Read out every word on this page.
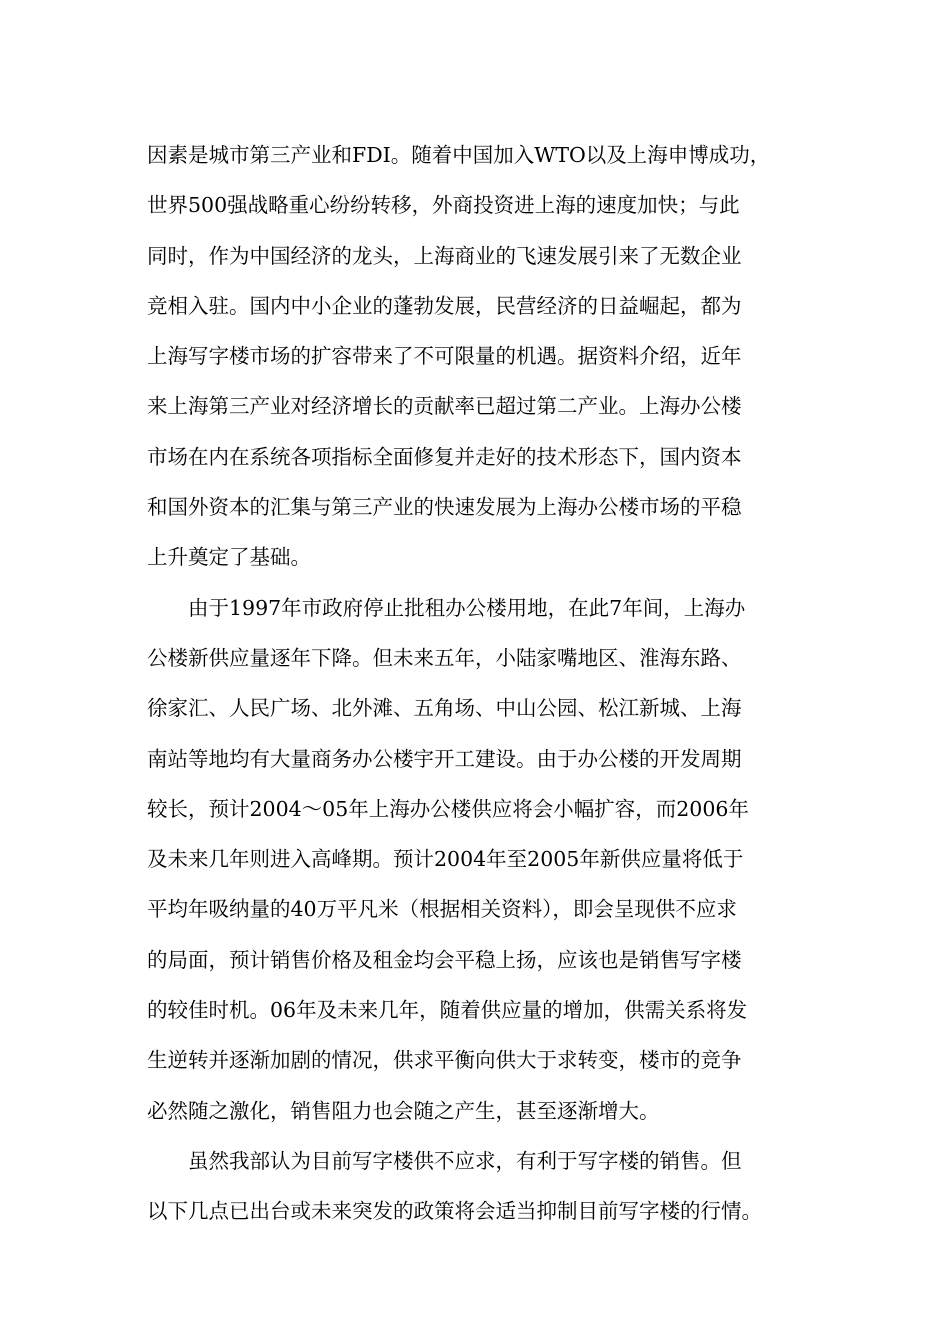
因素是城市第三产业和FDI。随着中国加入WTO以及上海申博成功，
世界500强战略重心纷纷转移，外商投资进上海的速度加快；与此
同时，作为中国经济的龙头，上海商业的飞速发展引来了无数企业
竞相入驻。国内中小企业的蓬勃发展，民营经济的日益崛起，都为
上海写字楼市场的扩容带来了不可限量的机遇。据资料介绍，近年
来上海第三产业对经济增长的贡献率已超过第二产业。上海办公楼
市场在内在系统各项指标全面修复并走好的技术形态下，国内资本
和国外资本的汇集与第三产业的快速发展为上海办公楼市场的平稳
上升奠定了基础。
由于1997年市政府停止批租办公楼用地，在此7年间，上海办
公楼新供应量逐年下降。但未来五年，小陆家嘴地区、淮海东路、
徐家汇、人民广场、北外滩、五角场、中山公园、松江新城、上海
南站等地均有大量商务办公楼宇开工建设。由于办公楼的开发周期
较长，预计2004～05年上海办公楼供应将会小幅扩容，而2006年
及未来几年则进入高峰期。预计2004年至2005年新供应量将低于
平均年吸纳量的40万平凡米（根据相关资料），即会呈现供不应求
的局面，预计销售价格及租金均会平稳上扬，应该也是销售写字楼
的较佳时机。06年及未来几年，随着供应量的增加，供需关系将发
生逆转并逐渐加剧的情况，供求平衡向供大于求转变，楼市的竞争
必然随之激化，销售阻力也会随之产生，甚至逐渐增大。
虽然我部认为目前写字楼供不应求，有利于写字楼的销售。但
以下几点已出台或未来突发的政策将会适当抑制目前写字楼的行情。
